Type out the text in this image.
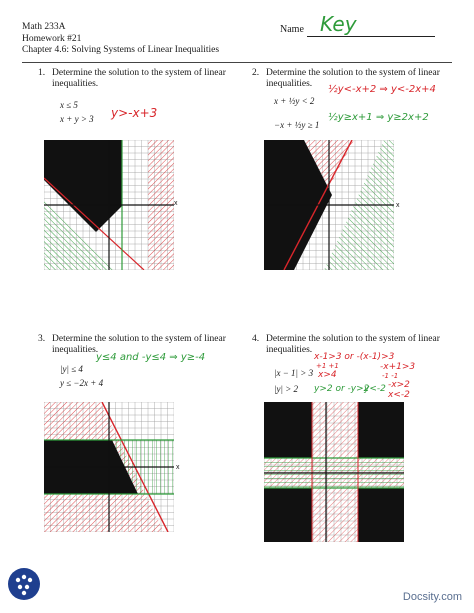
Math 233A
Homework #21
Chapter 4.6: Solving Systems of Linear Inequalities
Name Key
1. Determine the solution to the system of linear inequalities.
x ≤ 5
x + y > 3 y>-x+3
2. Determine the solution to the system of linear inequalities.
x + ½y < 2
−x + ½y ≥ 1
½y<-x+2 ⇒ y<-2x+4
½y≥x+1 ⇒ y≥2x+2
3. Determine the solution to the system of linear inequalities.
|y| ≤ 4
y ≤ −2x + 4
y≤4 and -y≤4 ⇒ y≥-4
4. Determine the solution to the system of linear inequalities.
|x − 1| > 3
|y| > 2
x-1>3 or -(x-1)>3
+1 +1
x>4
-x+1>3
-1 -1
-x>2
x<-2
y>2 or -y>2
y<-2
x	x
x
Docsity.com
